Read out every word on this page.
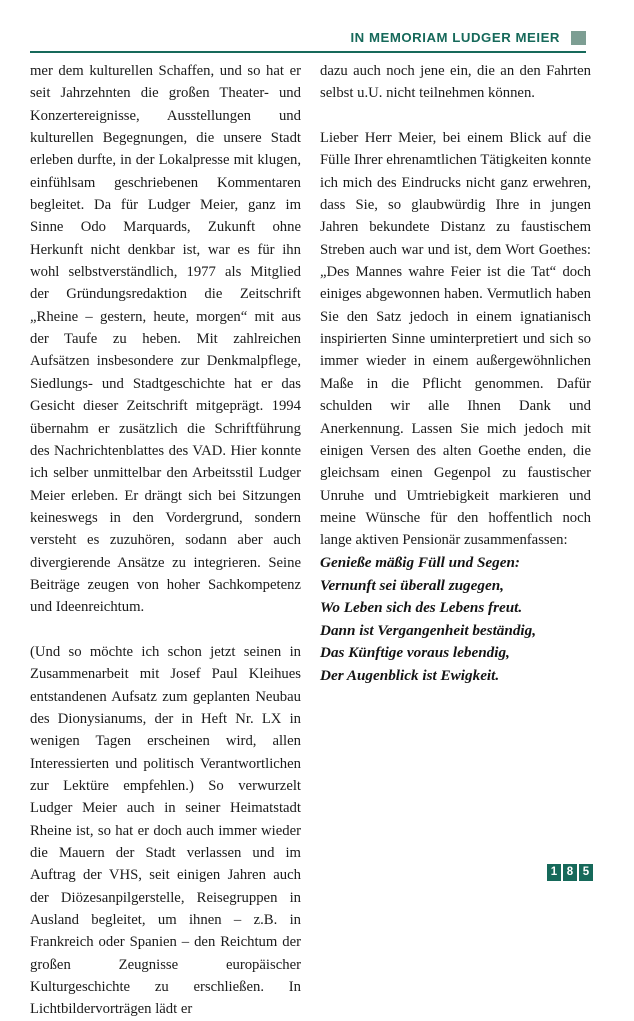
IN MEMORIAM LUDGER MEIER

mer dem kulturellen Schaffen, und so hat er seit Jahrzehnten die großen Theater- und Konzertereignisse, Ausstellungen und kulturellen Begegnungen, die unsere Stadt erleben durfte, in der Lokalpresse mit klugen, einfühlsam geschriebenen Kommentaren begleitet. Da für Ludger Meier, ganz im Sinne Odo Marquards, Zukunft ohne Herkunft nicht denkbar ist, war es für ihn wohl selbstverständlich, 1977 als Mitglied der Gründungsredaktion die Zeitschrift „Rheine – gestern, heute, morgen“ mit aus der Taufe zu heben. Mit zahlreichen Aufsätzen insbesondere zur Denkmalpflege, Siedlungs- und Stadtgeschichte hat er das Gesicht dieser Zeitschrift mitgeprägt. 1994 übernahm er zusätzlich die Schriftführung des Nachrichtenblattes des VAD. Hier konnte ich selber unmittelbar den Arbeitsstil Ludger Meier erleben. Er drängt sich bei Sitzungen keineswegs in den Vordergrund, sondern versteht es zuzuhören, sodann aber auch divergierende Ansätze zu integrieren. Seine Beiträge zeugen von hoher Sachkompetenz und Ideenreichtum.

(Und so möchte ich schon jetzt seinen in Zusammenarbeit mit Josef Paul Kleihues entstandenen Aufsatz zum geplanten Neubau des Dionysianums, der in Heft Nr. LX in wenigen Tagen erscheinen wird, allen Interessierten und politisch Verantwortlichen zur Lektüre empfehlen.) So verwurzelt Ludger Meier auch in seiner Heimatstadt Rheine ist, so hat er doch auch immer wieder die Mauern der Stadt verlassen und im Auftrag der VHS, seit einigen Jahren auch der Diözesanpilgerstelle, Reisegruppen in Ausland begleitet, um ihnen – z.B. in Frankreich oder Spanien – den Reichtum der großen Zeugnisse europäischer Kulturgeschichte zu erschließen. In Lichtbildervorträgen lädt er

dazu auch noch jene ein, die an den Fahrten selbst u.U. nicht teilnehmen können.

Lieber Herr Meier, bei einem Blick auf die Fülle Ihrer ehrenamtlichen Tätigkeiten konnte ich mich des Eindrucks nicht ganz erwehren, dass Sie, so glaubwürdig Ihre in jungen Jahren bekundete Distanz zu faustischem Streben auch war und ist, dem Wort Goethes: „Des Mannes wahre Feier ist die Tat“ doch einiges abgewonnen haben. Vermutlich haben Sie den Satz jedoch in einem ignatianisch inspirierten Sinne uminterpretiert und sich so immer wieder in einem außergewöhnlichen Maße in die Pflicht genommen. Dafür schulden wir alle Ihnen Dank und Anerkennung. Lassen Sie mich jedoch mit einigen Versen des alten Goethe enden, die gleichsam einen Gegenpol zu faustischer Unruhe und Umtriebigkeit markieren und meine Wünsche für den hoffentlich noch lange aktiven Pensionär zusammenfassen:

Genieße mäßig Füll und Segen:
Vernunft sei überall zugegen,
Wo Leben sich des Lebens freut.
Dann ist Vergangenheit beständig,
Das Künftige voraus lebendig,
Der Augenblick ist Ewigkeit.
1 8 5
